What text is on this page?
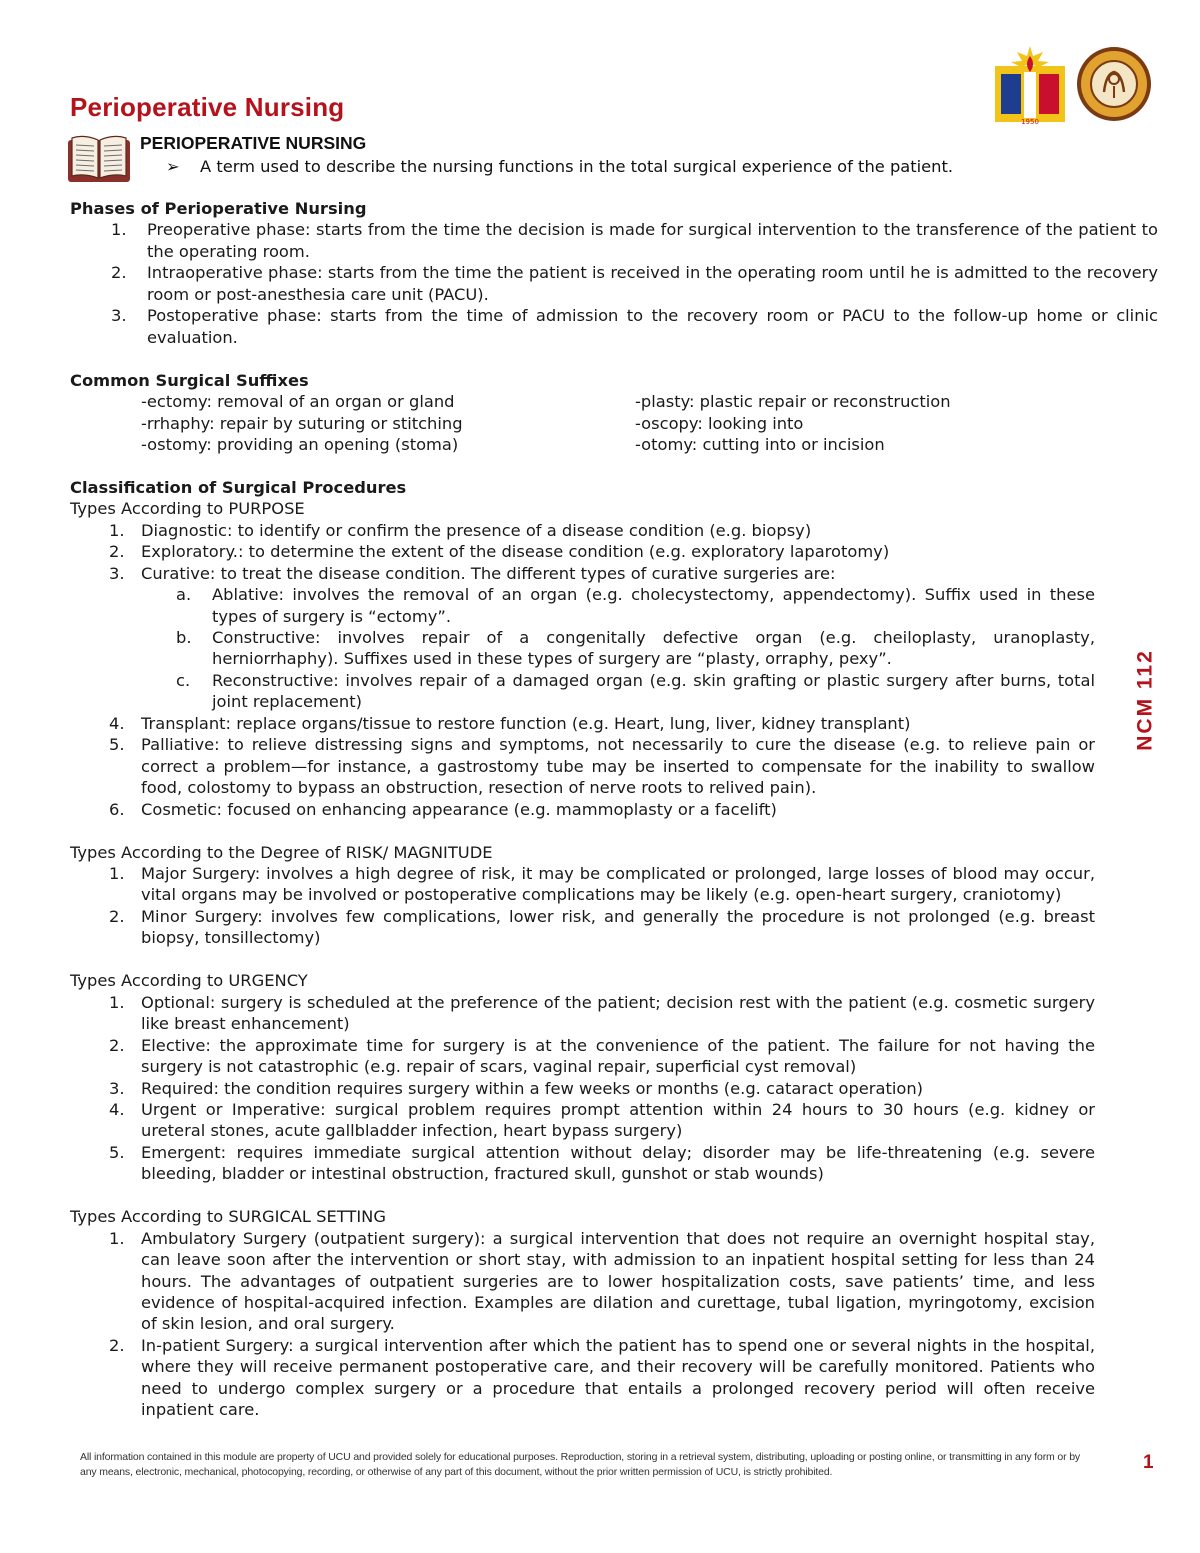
Perioperative Nursing
PERIOPERATIVE NURSING
➢ A term used to describe the nursing functions in the total surgical experience of the patient.
1950
Phases of Perioperative Nursing
1. Preoperative phase: starts from the time the decision is made for surgical intervention to the transference of the patient to the operating room.
2. Intraoperative phase: starts from the time the patient is received in the operating room until he is admitted to the recovery room or post-anesthesia care unit (PACU).
3. Postoperative phase: starts from the time of admission to the recovery room or PACU to the follow-up home or clinic evaluation.
Common Surgical Suffixes
-ectomy: removal of an organ or gland	-plasty: plastic repair or reconstruction
-rrhaphy: repair by suturing or stitching	-oscopy: looking into
-ostomy: providing an opening (stoma)	-otomy: cutting into or incision
Classification of Surgical Procedures
Types According to PURPOSE
1. Diagnostic: to identify or confirm the presence of a disease condition (e.g. biopsy)
2. Exploratory.: to determine the extent of the disease condition (e.g. exploratory laparotomy)
3. Curative: to treat the disease condition. The different types of curative surgeries are:
a. Ablative: involves the removal of an organ (e.g. cholecystectomy, appendectomy). Suffix used in these types of surgery is “ectomy”.
b. Constructive: involves repair of a congenitally defective organ (e.g. cheiloplasty, uranoplasty, herniorrhaphy). Suffixes used in these types of surgery are “plasty, orraphy, pexy”.
c. Reconstructive: involves repair of a damaged organ (e.g. skin grafting or plastic surgery after burns, total joint replacement)
4. Transplant: replace organs/tissue to restore function (e.g. Heart, lung, liver, kidney transplant)
5. Palliative: to relieve distressing signs and symptoms, not necessarily to cure the disease (e.g. to relieve pain or correct a problem—for instance, a gastrostomy tube may be inserted to compensate for the inability to swallow food, colostomy to bypass an obstruction, resection of nerve roots to relived pain).
6. Cosmetic: focused on enhancing appearance (e.g. mammoplasty or a facelift)
Types According to the Degree of RISK/ MAGNITUDE
1. Major Surgery: involves a high degree of risk, it may be complicated or prolonged, large losses of blood may occur, vital organs may be involved or postoperative complications may be likely (e.g. open-heart surgery, craniotomy)
2. Minor Surgery: involves few complications, lower risk, and generally the procedure is not prolonged (e.g. breast biopsy, tonsillectomy)
Types According to URGENCY
1. Optional: surgery is scheduled at the preference of the patient; decision rest with the patient (e.g. cosmetic surgery like breast enhancement)
2. Elective: the approximate time for surgery is at the convenience of the patient. The failure for not having the surgery is not catastrophic (e.g. repair of scars, vaginal repair, superficial cyst removal)
3. Required: the condition requires surgery within a few weeks or months (e.g. cataract operation)
4. Urgent or Imperative: surgical problem requires prompt attention within 24 hours to 30 hours (e.g. kidney or ureteral stones, acute gallbladder infection, heart bypass surgery)
5. Emergent: requires immediate surgical attention without delay; disorder may be life-threatening (e.g. severe bleeding, bladder or intestinal obstruction, fractured skull, gunshot or stab wounds)
Types According to SURGICAL SETTING
1. Ambulatory Surgery (outpatient surgery): a surgical intervention that does not require an overnight hospital stay, can leave soon after the intervention or short stay, with admission to an inpatient hospital setting for less than 24 hours. The advantages of outpatient surgeries are to lower hospitalization costs, save patients’ time, and less evidence of hospital-acquired infection. Examples are dilation and curettage, tubal ligation, myringotomy, excision of skin lesion, and oral surgery.
2. In-patient Surgery: a surgical intervention after which the patient has to spend one or several nights in the hospital, where they will receive permanent postoperative care, and their recovery will be carefully monitored. Patients who need to undergo complex surgery or a procedure that entails a prolonged recovery period will often receive inpatient care.
NCM 112
All information contained in this module are property of UCU and provided solely for educational purposes. Reproduction, storing in a retrieval system, distributing, uploading or posting online, or transmitting in any form or by any means, electronic, mechanical, photocopying, recording, or otherwise of any part of this document, without the prior written permission of UCU, is strictly prohibited.	1
